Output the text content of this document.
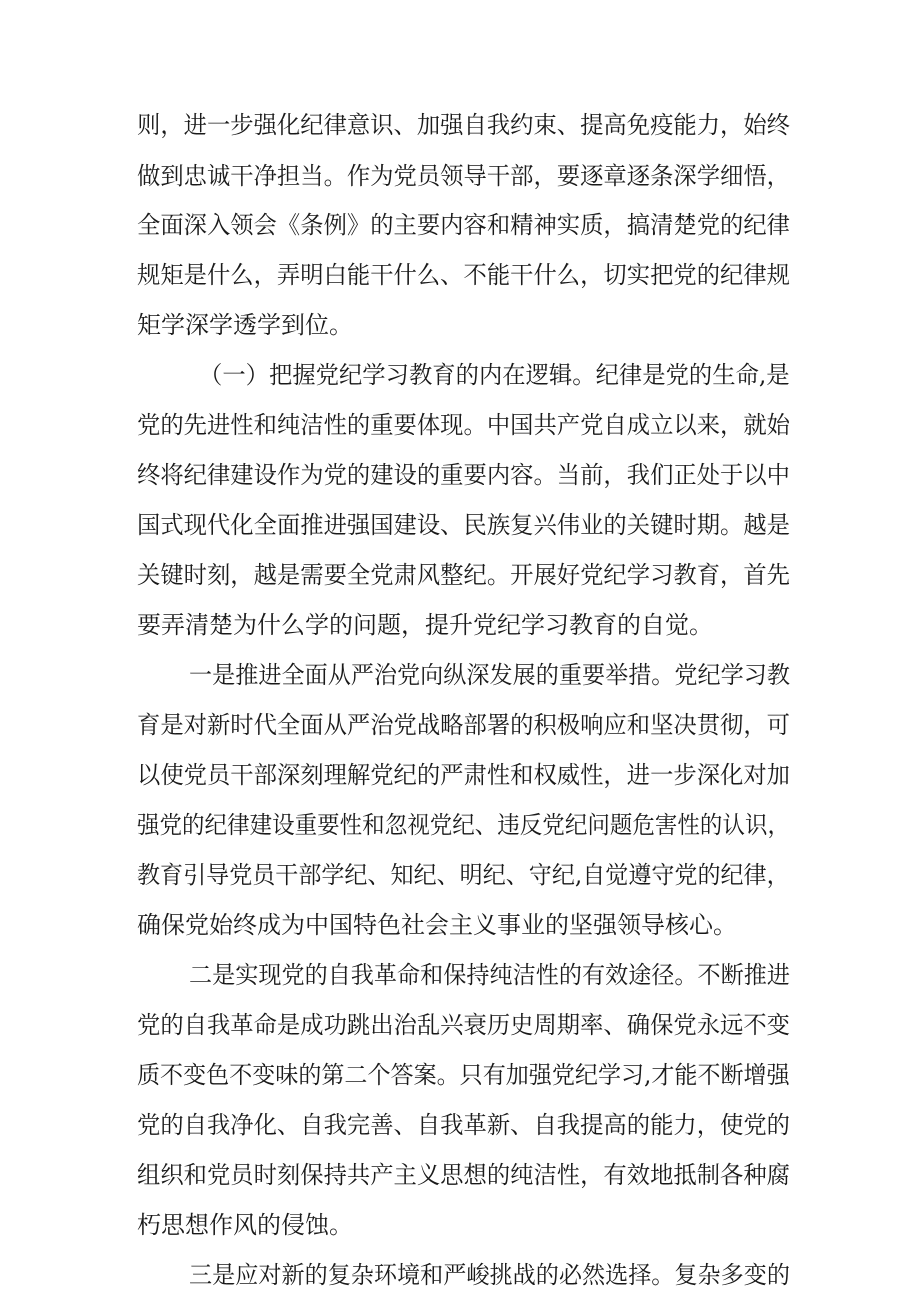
则，进一步强化纪律意识、加强自我约束、提高免疫能力，始终
做到忠诚干净担当。作为党员领导干部，要逐章逐条深学细悟，
全面深入领会《条例》的主要内容和精神实质，搞清楚党的纪律
规矩是什么，弄明白能干什么、不能干什么，切实把党的纪律规
矩学深学透学到位。
（一）把握党纪学习教育的内在逻辑。纪律是党的生命,是
党的先进性和纯洁性的重要体现。中国共产党自成立以来，就始
终将纪律建设作为党的建设的重要内容。当前，我们正处于以中
国式现代化全面推进强国建设、民族复兴伟业的关键时期。越是
关键时刻，越是需要全党肃风整纪。开展好党纪学习教育，首先
要弄清楚为什么学的问题，提升党纪学习教育的自觉。
一是推进全面从严治党向纵深发展的重要举措。党纪学习教
育是对新时代全面从严治党战略部署的积极响应和坚决贯彻，可
以使党员干部深刻理解党纪的严肃性和权威性，进一步深化对加
强党的纪律建设重要性和忽视党纪、违反党纪问题危害性的认识，
教育引导党员干部学纪、知纪、明纪、守纪,自觉遵守党的纪律，
确保党始终成为中国特色社会主义事业的坚强领导核心。
二是实现党的自我革命和保持纯洁性的有效途径。不断推进
党的自我革命是成功跳出治乱兴衰历史周期率、确保党永远不变
质不变色不变味的第二个答案。只有加强党纪学习,才能不断增强
党的自我净化、自我完善、自我革新、自我提高的能力，使党的
组织和党员时刻保持共产主义思想的纯洁性，有效地抵制各种腐
朽思想作风的侵蚀。
三是应对新的复杂环境和严峻挑战的必然选择。复杂多变的
